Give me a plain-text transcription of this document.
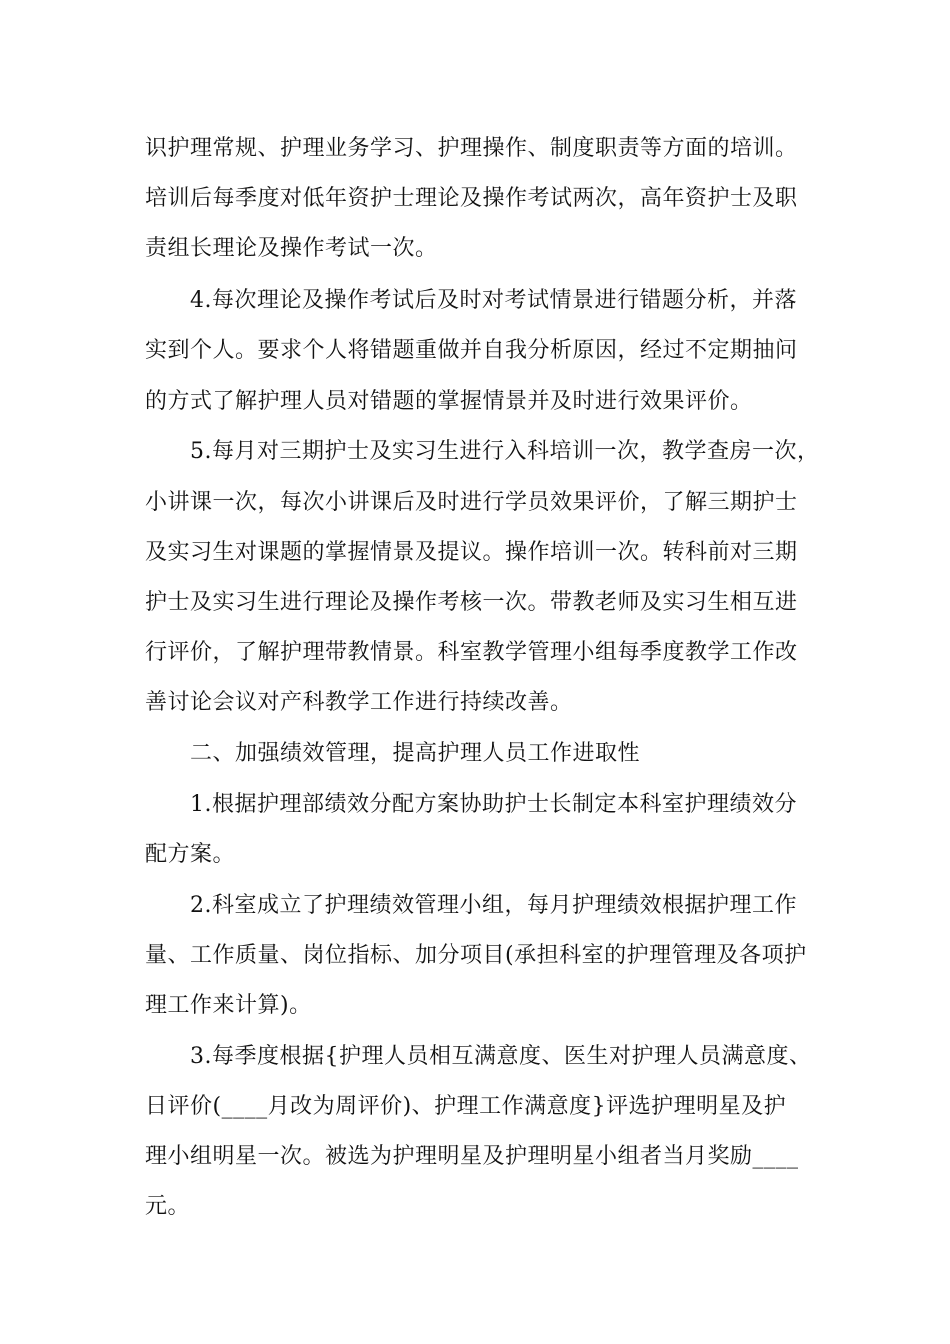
识护理常规、护理业务学习、护理操作、制度职责等方面的培训。

培训后每季度对低年资护士理论及操作考试两次，高年资护士及职

责组长理论及操作考试一次。

4.每次理论及操作考试后及时对考试情景进行错题分析，并落

实到个人。要求个人将错题重做并自我分析原因，经过不定期抽问

的方式了解护理人员对错题的掌握情景并及时进行效果评价。

5.每月对三期护士及实习生进行入科培训一次，教学查房一次，

小讲课一次，每次小讲课后及时进行学员效果评价，了解三期护士

及实习生对课题的掌握情景及提议。操作培训一次。转科前对三期

护士及实习生进行理论及操作考核一次。带教老师及实习生相互进

行评价，了解护理带教情景。科室教学管理小组每季度教学工作改

善讨论会议对产科教学工作进行持续改善。

二、加强绩效管理，提高护理人员工作进取性

1.根据护理部绩效分配方案协助护士长制定本科室护理绩效分

配方案。

2.科室成立了护理绩效管理小组，每月护理绩效根据护理工作

量、工作质量、岗位指标、加分项目(承担科室的护理管理及各项护

理工作来计算)。

3.每季度根据{护理人员相互满意度、医生对护理人员满意度、

日评价(____月改为周评价)、护理工作满意度}评选护理明星及护

理小组明星一次。被选为护理明星及护理明星小组者当月奖励____

元。
